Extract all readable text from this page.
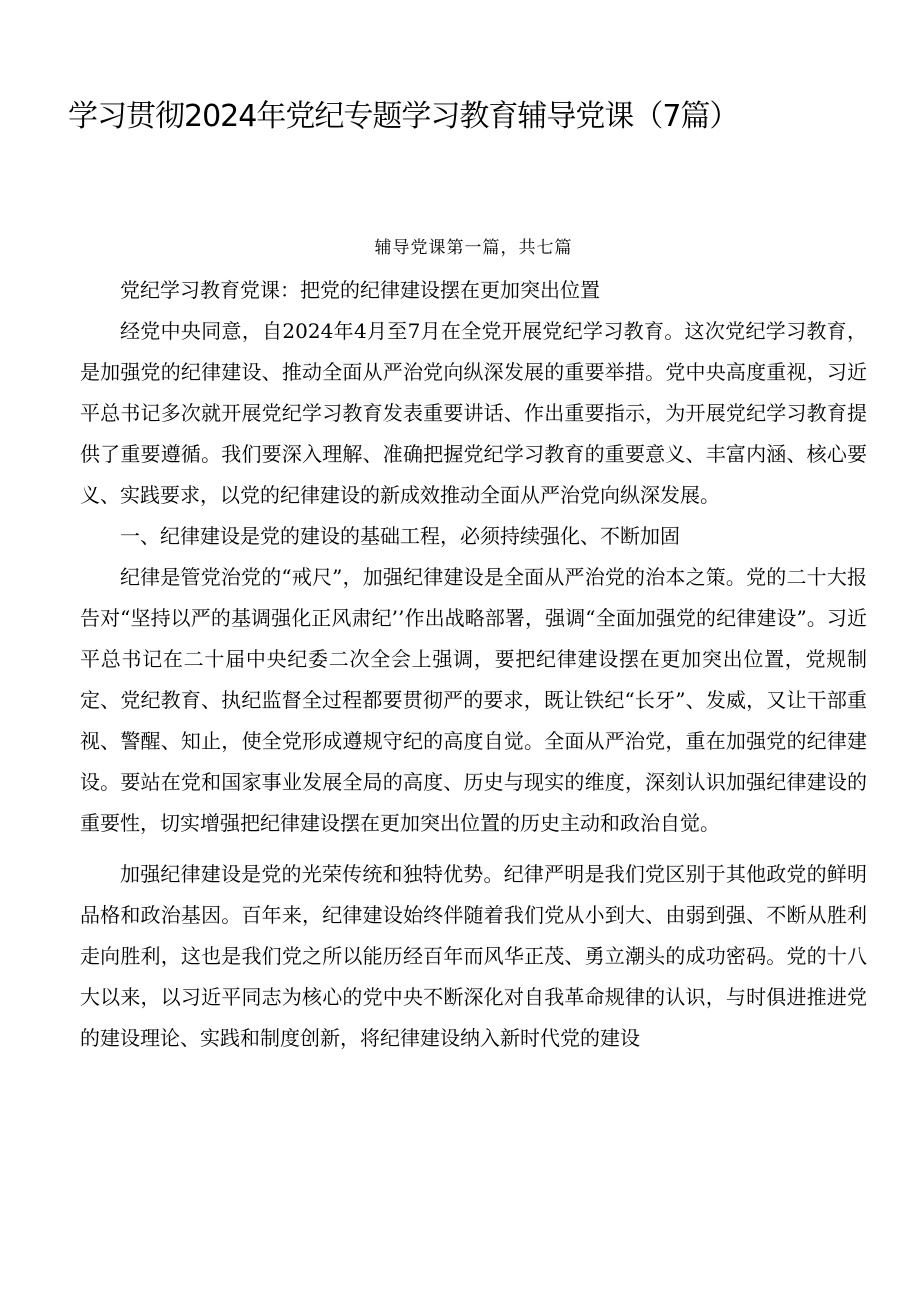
学习贯彻2024年党纪专题学习教育辅导党课（7篇）

辅导党课第一篇，共七篇

党纪学习教育党课：把党的纪律建设摆在更加突出位置

经党中央同意，自2024年4月至7月在全党开展党纪学习教育。这次党纪学习教育，是加强党的纪律建设、推动全面从严治党向纵深发展的重要举措。党中央高度重视，习近平总书记多次就开展党纪学习教育发表重要讲话、作出重要指示，为开展党纪学习教育提供了重要遵循。我们要深入理解、准确把握党纪学习教育的重要意义、丰富内涵、核心要义、实践要求，以党的纪律建设的新成效推动全面从严治党向纵深发展。

一、纪律建设是党的建设的基础工程，必须持续强化、不断加固

纪律是管党治党的“戒尺”，加强纪律建设是全面从严治党的治本之策。党的二十大报告对“坚持以严的基调强化正风肃纪’’作出战略部署，强调“全面加强党的纪律建设”。习近平总书记在二十届中央纪委二次全会上强调，要把纪律建设摆在更加突出位置，党规制定、党纪教育、执纪监督全过程都要贯彻严的要求，既让铁纪“长牙”、发威，又让干部重视、警醒、知止，使全党形成遵规守纪的高度自觉。全面从严治党，重在加强党的纪律建设。要站在党和国家事业发展全局的高度、历史与现实的维度，深刻认识加强纪律建设的重要性，切实增强把纪律建设摆在更加突出位置的历史主动和政治自觉。

加强纪律建设是党的光荣传统和独特优势。纪律严明是我们党区别于其他政党的鲜明品格和政治基因。百年来，纪律建设始终伴随着我们党从小到大、由弱到强、不断从胜利走向胜利，这也是我们党之所以能历经百年而风华正茂、勇立潮头的成功密码。党的十八大以来，以习近平同志为核心的党中央不断深化对自我革命规律的认识，与时俱进推进党的建设理论、实践和制度创新，将纪律建设纳入新时代党的建设
